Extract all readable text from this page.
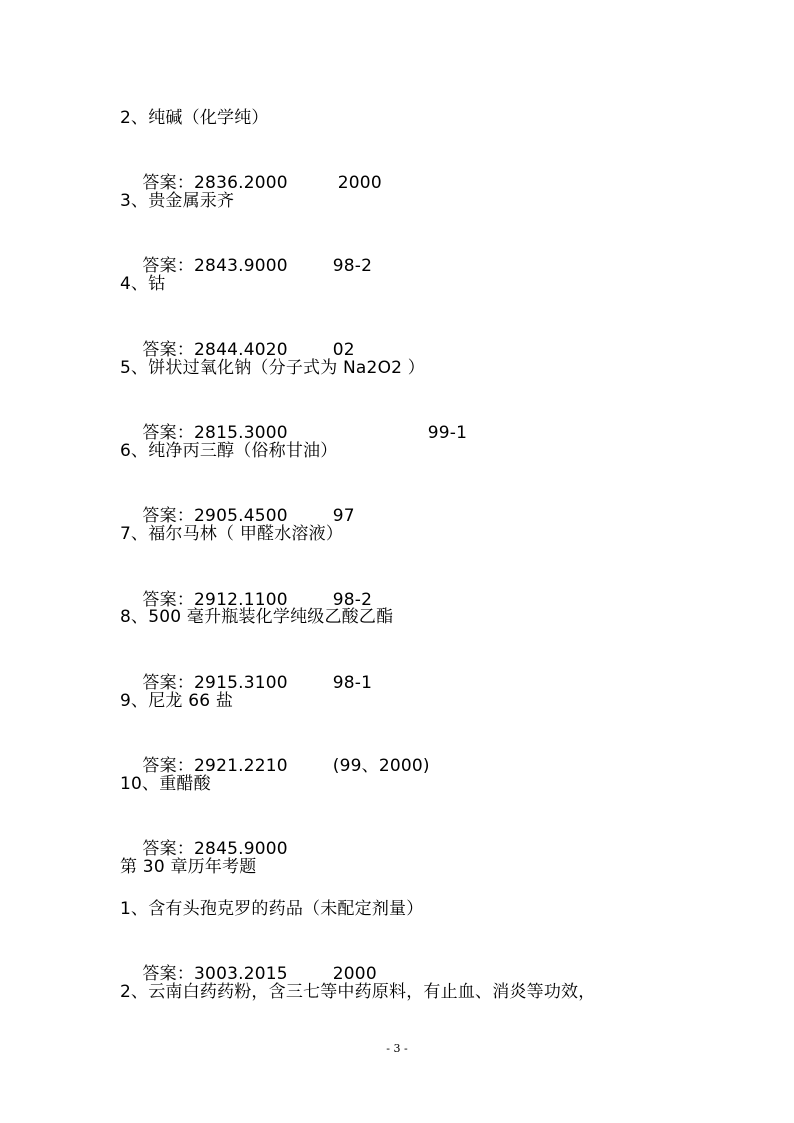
2、纯碱（化学纯）

答案：2836.2000	2000

3、贵金属汞齐

答案：2843.9000	98-2

4、钴

答案：2844.4020	02

5、饼状过氧化钠（分子式为 Na2O2 ）

答案：2815.3000	99-1

6、纯净丙三醇（俗称甘油）

答案：2905.4500	97

7、福尔马林（ 甲醛水溶液）

答案：2912.1100	98-2

8、500 毫升瓶装化学纯级乙酸乙酯

答案：2915.3100	98-1

9、尼龙 66 盐

答案：2921.2210	(99、2000)

10、重醋酸

答案：2845.9000

第 30 章历年考题
1、含有头孢克罗的药品（未配定剂量）

答案：3003.2015	2000

2、云南白药药粉，含三七等中药原料，有止血、消炎等功效，
- 3 -
